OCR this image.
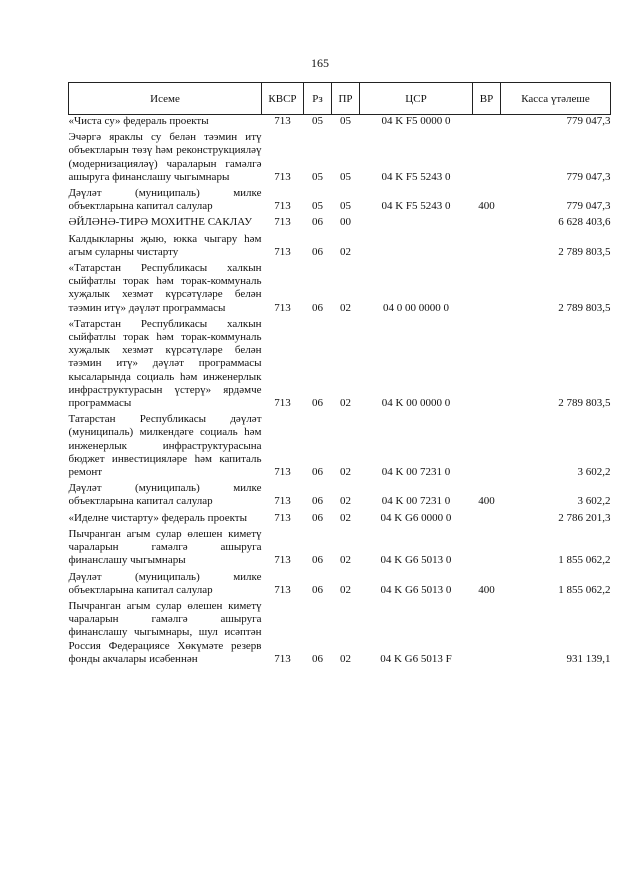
165
Исеме	КВСР	Рз	ПР	ЦСР	ВР	Касса үтәлеше
«Чиста су» федераль проекты	713	05	05	04 K F5 0000 0		779 047,3
Эчәргә яраклы су белән тәэмин итү объектларын төзү һәм реконструкцияләү (модернизацияләү) чараларын гамәлгә ашыруга финанслашу чыгымнары	713	05	05	04 K F5 5243 0		779 047,3
Дәүләт (муниципаль) милке объектларына капитал салулар	713	05	05	04 K F5 5243 0	400	779 047,3
ӘЙЛӘНӘ-ТИРӘ МОХИТНЕ САКЛАУ	713	06	00			6 628 403,6
Калдыкларны җыю, юкка чыгару һәм агым суларны чистарту	713	06	02			2 789 803,5
«Татарстан Республикасы халкын сыйфатлы торак һәм торак-коммуналь хуҗалык хезмәт күрсәтүләре белән тәэмин итү» дәүләт программасы	713	06	02	04 0 00 0000 0		2 789 803,5
«Татарстан Республикасы халкын сыйфатлы торак һәм торак-коммуналь хуҗалык хезмәт күрсәтүләре белән тәэмин итү» дәүләт программасы кысаларында социаль һәм инженерлык инфраструктурасын үстерү» ярдәмче программасы	713	06	02	04 K 00 0000 0		2 789 803,5
Татарстан Республикасы дәүләт (муниципаль) милкендәге социаль һәм инженерлык инфраструктурасына бюджет инвестицияләре һәм капиталь ремонт	713	06	02	04 K 00 7231 0		3 602,2
Дәүләт (муниципаль) милке объектларына капитал салулар	713	06	02	04 K 00 7231 0	400	3 602,2
«Иделне чистарту» федераль проекты	713	06	02	04 K G6 0000 0		2 786 201,3
Пычранган агым сулар өлешен киметү чараларын гамәлгә ашыруга финанслашу чыгымнары	713	06	02	04 K G6 5013 0		1 855 062,2
Дәүләт (муниципаль) милке объектларына капитал салулар	713	06	02	04 K G6 5013 0	400	1 855 062,2
Пычранган агым сулар өлешен киметү чараларын гамәлгә ашыруга финанслашу чыгымнары, шул исәптән Россия Федерациясе Хөкүмәте резерв фонды акчалары исәбеннән	713	06	02	04 K G6 5013 F		931 139,1
